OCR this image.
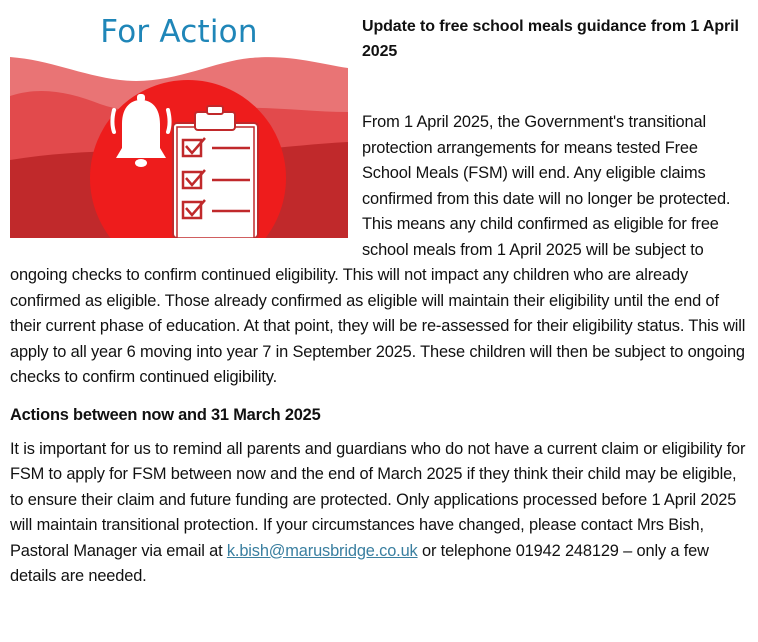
For Action	Update to free school meals guidance from 1 April 2025

From 1 April 2025, the Government's transitional protection arrangements for means tested Free School Meals (FSM) will end. Any eligible claims confirmed from this date will no longer be protected. This means any child confirmed as eligible for free school meals from 1 April 2025 will be subject to ongoing checks to confirm continued eligibility. This will not impact any children who are already confirmed as eligible. Those already confirmed as eligible will maintain their eligibility until the end of their current phase of education. At that point, they will be re-assessed for their eligibility status. This will apply to all year 6 moving into year 7 in September 2025. These children will then be subject to ongoing checks to confirm continued eligibility.

Actions between now and 31 March 2025

It is important for us to remind all parents and guardians who do not have a current claim or eligibility for FSM to apply for FSM between now and the end of March 2025 if they think their child may be eligible, to ensure their claim and future funding are protected. Only applications processed before 1 April 2025 will maintain transitional protection. If your circumstances have changed, please contact Mrs Bish, Pastoral Manager via email at k.bish@marusbridge.co.uk or telephone 01942 248129 – only a few details are needed.
